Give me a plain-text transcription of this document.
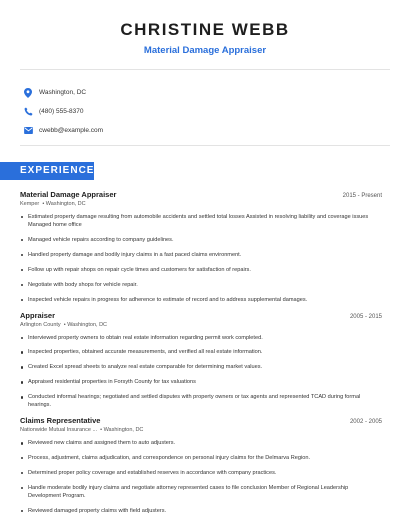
CHRISTINE WEBB
Material Damage Appraiser
Washington, DC
(480) 555-8370
cwebb@example.com
EXPERIENCE
Material Damage Appraiser	2015 - Present
Kemper  • Washington, DC
Estimated property damage resulting from automobile accidents and settled total losses Assisted in resolving liability and coverage issues Managed home office
Managed vehicle repairs according to company guidelines.
Handled property damage and bodily injury claims in a fast paced claims environment.
Follow up with repair shops on repair cycle times and customers for satisfaction of repairs.
Negotiate with body shops for vehicle repair.
Inspected vehicle repairs in progress for adherence to estimate of record and to address supplemental damages.
Appraiser	2005 - 2015
Arlington County  • Washington, DC
Interviewed property owners to obtain real estate information regarding permit work completed.
Inspected properties, obtained accurate measurements, and verified all real estate information.
Created Excel spread sheets to analyze real estate comparable for determining market values.
Appraised residential properties in Forsyth County for tax valuations
Conducted informal hearings; negotiated and settled disputes with property owners or tax agents and represented TCAD during formal hearings.
Claims Representative	2002 - 2005
Nationwide Mutual Insurance ...  • Washington, DC
Reviewed new claims and assigned them to auto adjusters.
Process, adjustment, claims adjudication, and correspondence on personal injury claims for the Delmarva Region.
Determined proper policy coverage and established reserves in accordance with company practices.
Handle moderate bodily injury claims and negotiate attorney represented cases to file conclusion Member of Regional Leadership Development Program.
Reviewed damaged property claims with field adjusters.
